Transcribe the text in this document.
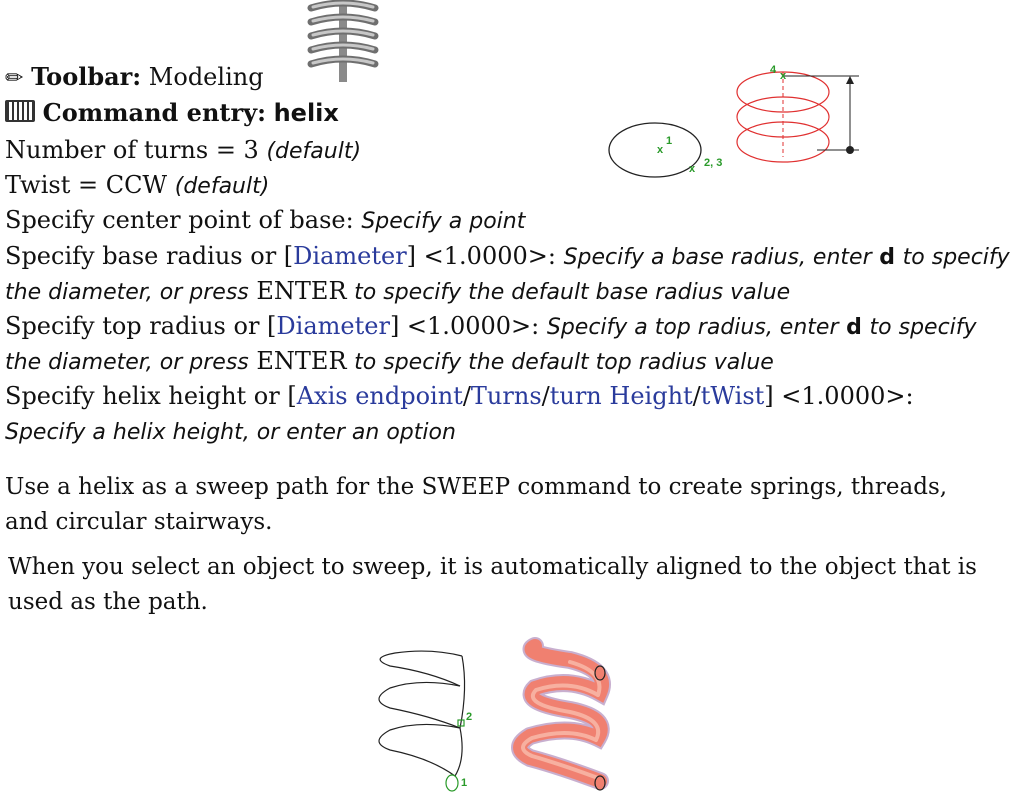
✏︎ Toolbar: Modeling
Command entry: helix
Number of turns = 3 (default)
Twist = CCW (default)
Specify center point of base: Specify a point
Specify base radius or [Diameter] <1.0000>: Specify a base radius, enter d to specify
the diameter, or press ENTER to specify the default base radius value
Specify top radius or [Diameter] <1.0000>: Specify a top radius, enter d to specify
the diameter, or press ENTER to specify the default top radius value
Specify helix height or [Axis endpoint/Turns/turn Height/tWist] <1.0000>:
Specify a helix height, or enter an option
Use a helix as a sweep path for the SWEEP command to create springs, threads, and circular stairways.
When you select an object to sweep, it is automatically aligned to the object that is used as the path.
x
1
x 2, 3
x
4
1
2
